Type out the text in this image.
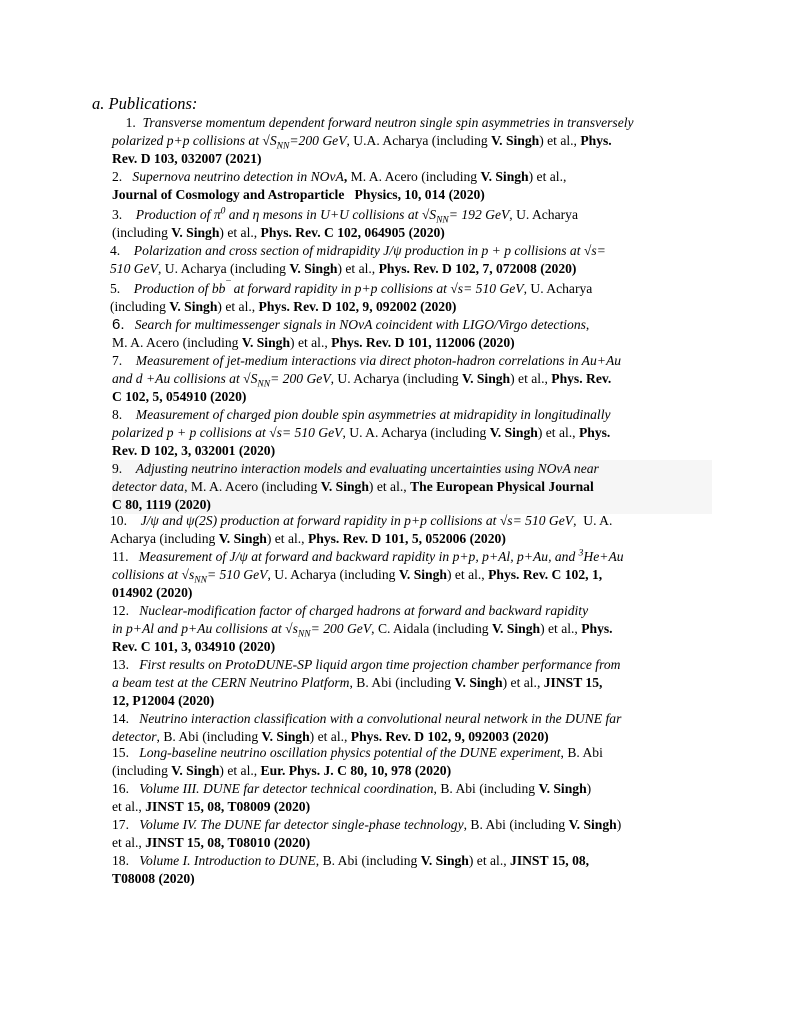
a. Publications:
1.  Transverse momentum dependent forward neutron single spin asymmetries in transversely
polarized p+p collisions at $√S_{NN}=200$ GeV, U.A. Acharya (including V. Singh) et al., Phys.
Rev. D 103, 032007 (2021)
2.   Supernova neutrino detection in NOvA, M. A. Acero (including V. Singh) et al.,
Journal of Cosmology and Astroparticle   Physics, 10, 014 (2020)
3.    Production of $\pi^0$ and η mesons in U+U collisions at $√S_{NN}= 192$ GeV, U. Acharya
(including V. Singh) et al., Phys. Rev. C 102, 064905 (2020)
4.    Polarization and cross section of midrapidity J/ψ production in p + p collisions at √s=
510 GeV, U. Acharya (including V. Singh) et al., Phys. Rev. D 102, 7, 072008 (2020)
5.    Production of bb¯ at forward rapidity in p+p collisions at √s= 510 GeV, U. Acharya
(including V. Singh) et al., Phys. Rev. D 102, 9, 092002 (2020)
6. Search for multimessenger signals in NOvA coincident with LIGO/Virgo detections,
M. A. Acero (including V. Singh) et al., Phys. Rev. D 101, 112006 (2020)
7.    Measurement of jet-medium interactions via direct photon-hadron correlations in Au+Au
and d +Au collisions at $√S_{NN}= 200$ GeV, U. Acharya (including V. Singh) et al., Phys. Rev.
C 102, 5, 054910 (2020)
8.    Measurement of charged pion double spin asymmetries at midrapidity in longitudinally
polarized p + p collisions at √s= 510 GeV, U. A. Acharya (including V. Singh) et al., Phys.
Rev. D 102, 3, 032001 (2020)
9.    Adjusting neutrino interaction models and evaluating uncertainties using NOvA near
detector data, M. A. Acero (including V. Singh) et al., The European Physical Journal
C 80, 1119 (2020)
10.    J/ψ and ψ(2S) production at forward rapidity in p+p collisions at √s= 510 GeV,  U. A.
Acharya (including V. Singh) et al., Phys. Rev. D 101, 5, 052006 (2020)
11.   Measurement of J/ψ at forward and backward rapidity in p+p, p+Al, p+Au, and $^3$He+Au
collisions at $√s_{NN}= 510$ GeV, U. Acharya (including V. Singh) et al., Phys. Rev. C 102, 1,
014902 (2020)
12.   Nuclear-modification factor of charged hadrons at forward and backward rapidity
in p+Al and p+Au collisions at $√s_{NN}= 200$ GeV, C. Aidala (including V. Singh) et al., Phys.
Rev. C 101, 3, 034910 (2020)
13.   First results on ProtoDUNE-SP liquid argon time projection chamber performance from
a beam test at the CERN Neutrino Platform, B. Abi (including V. Singh) et al., JINST 15,
12, P12004 (2020)
14.   Neutrino interaction classification with a convolutional neural network in the DUNE far
detector, B. Abi (including V. Singh) et al., Phys. Rev. D 102, 9, 092003 (2020)
15.   Long-baseline neutrino oscillation physics potential of the DUNE experiment, B. Abi
(including V. Singh) et al., Eur. Phys. J. C 80, 10, 978 (2020)
16.   Volume III. DUNE far detector technical coordination, B. Abi (including V. Singh)
et al., JINST 15, 08, T08009 (2020)
17.   Volume IV. The DUNE far detector single-phase technology, B. Abi (including V. Singh)
et al., JINST 15, 08, T08010 (2020)
18.   Volume I. Introduction to DUNE, B. Abi (including V. Singh) et al., JINST 15, 08,
T08008 (2020)
